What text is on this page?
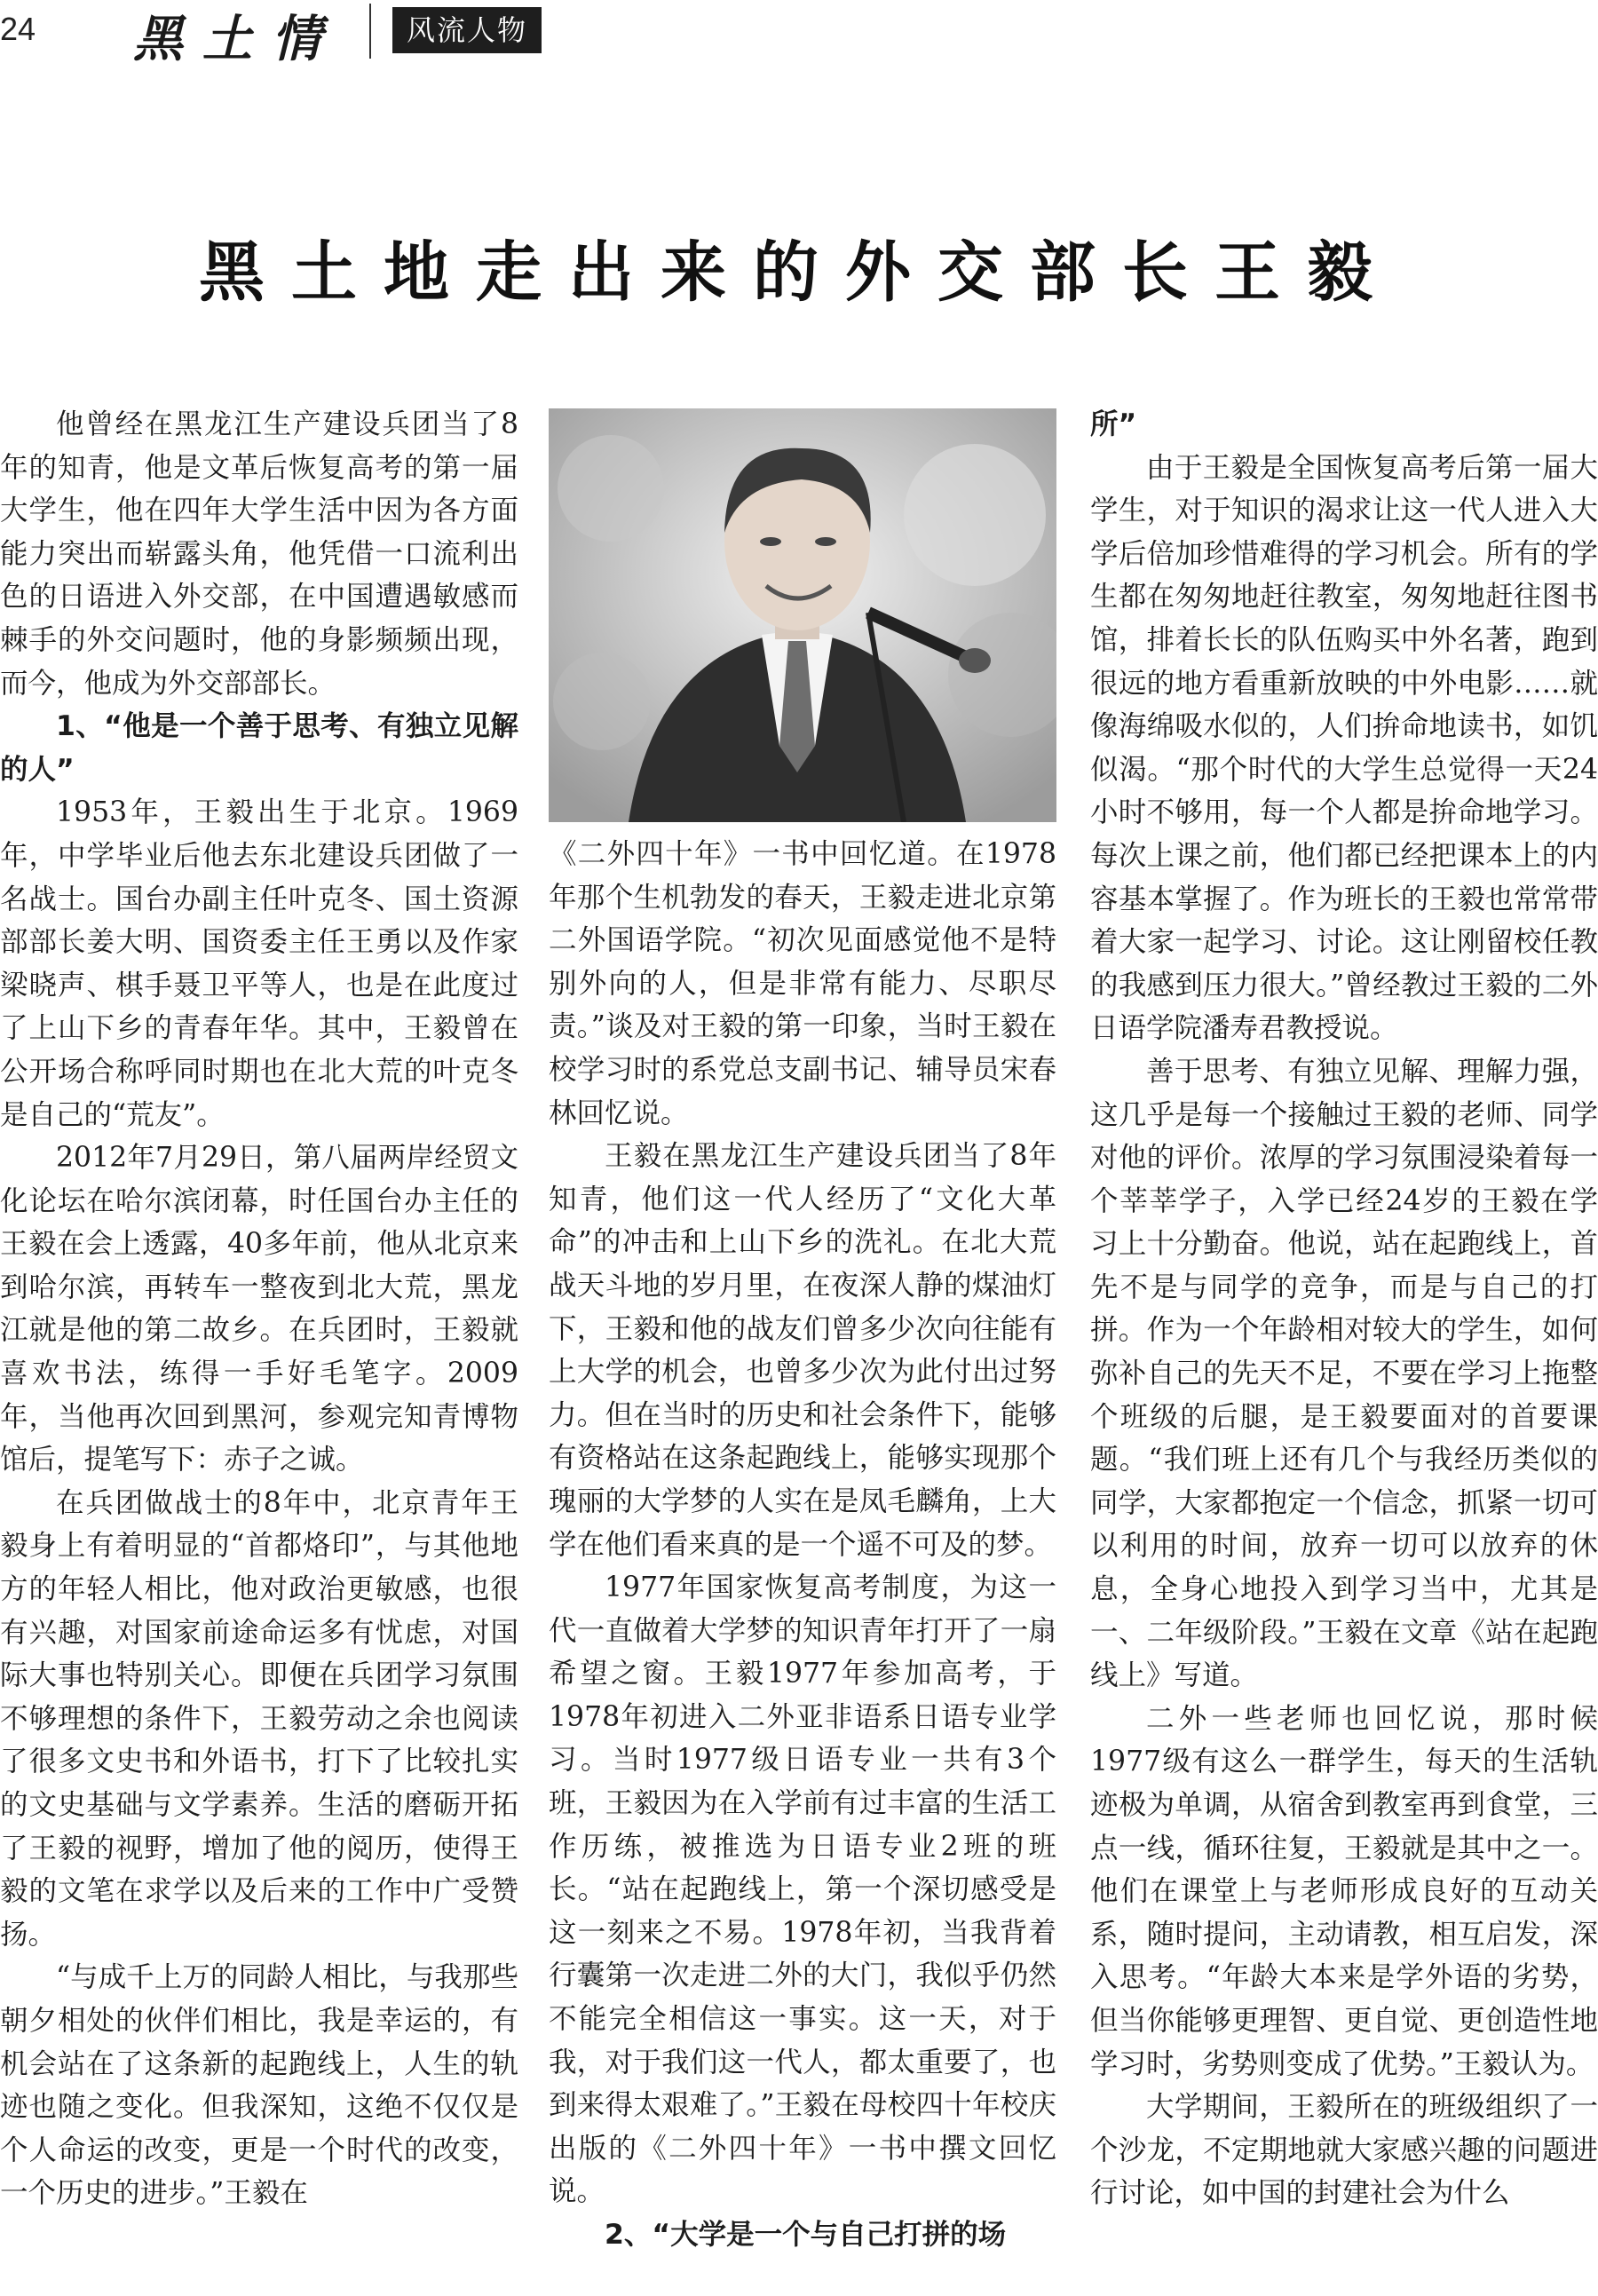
24 黑土情	风流人物
黑土地走出来的外交部长王毅

他曾经在黑龙江生产建设兵团当了8年的知青，他是文革后恢复高考的第一届大学生，他在四年大学生活中因为各方面能力突出而崭露头角，他凭借一口流利出色的日语进入外交部，在中国遭遇敏感而棘手的外交问题时，他的身影频频出现，而今，他成为外交部部长。

1、“他是一个善于思考、有独立见解的人”

1953年，王毅出生于北京。1969年，中学毕业后他去东北建设兵团做了一名战士。国台办副主任叶克冬、国土资源部部长姜大明、国资委主任王勇以及作家梁晓声、棋手聂卫平等人，也是在此度过了上山下乡的青春年华。其中，王毅曾在公开场合称呼同时期也在北大荒的叶克冬是自己的“荒友”。

2012年7月29日，第八届两岸经贸文化论坛在哈尔滨闭幕，时任国台办主任的王毅在会上透露，40多年前，他从北京来到哈尔滨，再转车一整夜到北大荒，黑龙江就是他的第二故乡。在兵团时，王毅就喜欢书法，练得一手好毛笔字。2009年，当他再次回到黑河，参观完知青博物馆后，提笔写下：赤子之诚。

在兵团做战士的8年中，北京青年王毅身上有着明显的“首都烙印”，与其他地方的年轻人相比，他对政治更敏感，也很有兴趣，对国家前途命运多有忧虑，对国际大事也特别关心。即便在兵团学习氛围不够理想的条件下，王毅劳动之余也阅读了很多文史书和外语书，打下了比较扎实的文史基础与文学素养。生活的磨砺开拓了王毅的视野，增加了他的阅历，使得王毅的文笔在求学以及后来的工作中广受赞扬。

“与成千上万的同龄人相比，与我那些朝夕相处的伙伴们相比，我是幸运的，有机会站在了这条新的起跑线上，人生的轨迹也随之变化。但我深知，这绝不仅仅是个人命运的改变，更是一个时代的改变，一个历史的进步。”王毅在

《二外四十年》一书中回忆道。在1978年那个生机勃发的春天，王毅走进北京第二外国语学院。“初次见面感觉他不是特别外向的人，但是非常有能力、尽职尽责。”谈及对王毅的第一印象，当时王毅在校学习时的系党总支副书记、辅导员宋春林回忆说。

王毅在黑龙江生产建设兵团当了8年知青，他们这一代人经历了“文化大革命”的冲击和上山下乡的洗礼。在北大荒战天斗地的岁月里，在夜深人静的煤油灯下，王毅和他的战友们曾多少次向往能有上大学的机会，也曾多少次为此付出过努力。但在当时的历史和社会条件下，能够有资格站在这条起跑线上，能够实现那个瑰丽的大学梦的人实在是凤毛麟角，上大学在他们看来真的是一个遥不可及的梦。

1977年国家恢复高考制度，为这一代一直做着大学梦的知识青年打开了一扇希望之窗。王毅1977年参加高考，于1978年初进入二外亚非语系日语专业学习。当时1977级日语专业一共有3个班，王毅因为在入学前有过丰富的生活工作历练，被推选为日语专业2班的班长。“站在起跑线上，第一个深切感受是这一刻来之不易。1978年初，当我背着行囊第一次走进二外的大门，我似乎仍然不能完全相信这一事实。这一天，对于我，对于我们这一代人，都太重要了，也到来得太艰难了。”王毅在母校四十年校庆出版的《二外四十年》一书中撰文回忆说。

2、“大学是一个与自己打拼的场
所”

由于王毅是全国恢复高考后第一届大学生，对于知识的渴求让这一代人进入大学后倍加珍惜难得的学习机会。所有的学生都在匆匆地赶往教室，匆匆地赶往图书馆，排着长长的队伍购买中外名著，跑到很远的地方看重新放映的中外电影……就像海绵吸水似的，人们拚命地读书，如饥似渴。“那个时代的大学生总觉得一天24小时不够用，每一个人都是拚命地学习。每次上课之前，他们都已经把课本上的内容基本掌握了。作为班长的王毅也常常带着大家一起学习、讨论。这让刚留校任教的我感到压力很大。”曾经教过王毅的二外日语学院潘寿君教授说。

善于思考、有独立见解、理解力强，这几乎是每一个接触过王毅的老师、同学对他的评价。浓厚的学习氛围浸染着每一个莘莘学子，入学已经24岁的王毅在学习上十分勤奋。他说，站在起跑线上，首先不是与同学的竞争，而是与自己的打拼。作为一个年龄相对较大的学生，如何弥补自己的先天不足，不要在学习上拖整个班级的后腿，是王毅要面对的首要课题。“我们班上还有几个与我经历类似的同学，大家都抱定一个信念，抓紧一切可以利用的时间，放弃一切可以放弃的休息，全身心地投入到学习当中，尤其是一、二年级阶段。”王毅在文章《站在起跑线上》写道。

二外一些老师也回忆说，那时候1977级有这么一群学生，每天的生活轨迹极为单调，从宿舍到教室再到食堂，三点一线，循环往复，王毅就是其中之一。他们在课堂上与老师形成良好的互动关系，随时提问，主动请教，相互启发，深入思考。“年龄大本来是学外语的劣势，但当你能够更理智、更自觉、更创造性地学习时，劣势则变成了优势。”王毅认为。

大学期间，王毅所在的班级组织了一个沙龙，不定期地就大家感兴趣的问题进行讨论，如中国的封建社会为什么
